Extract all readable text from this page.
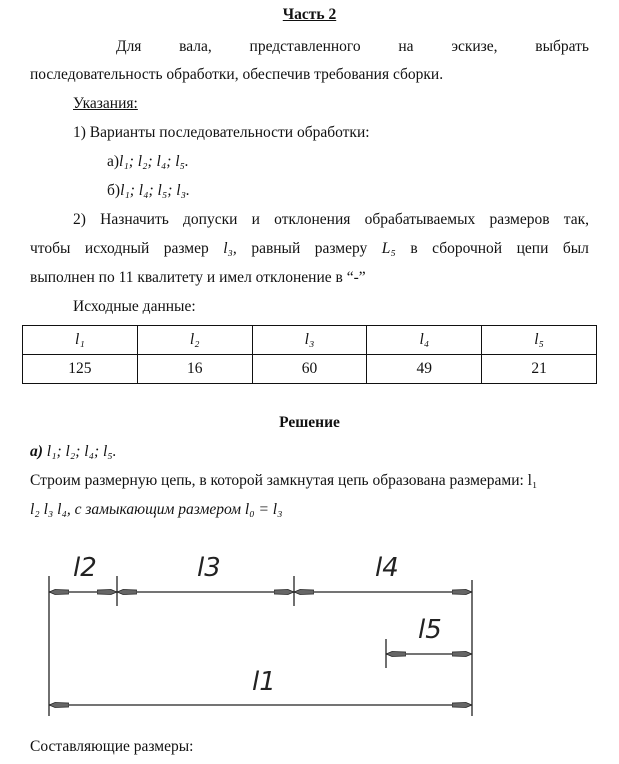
Часть 2
Для вала, представленного на эскизе, выбрать
последовательность обработки, обеспечив требования сборки.
Указания:
1) Варианты последовательности обработки:
а)l₁; l₂; l₄; l₅.
б)l₁; l₄; l₅; l₃.
2) Назначить допуски и отклонения обрабатываемых размеров так,
чтобы исходный размер l₃, равный размеру L₅ в сборочной цепи был
выполнен по 11 квалитету и имел отклонение в “-”
Исходные данные:
l₁	l₂	l₃	l₄	l₅
125	16	60	49	21
Решение
а) l₁; l₂; l₄; l₅.
Строим размерную цепь, в которой замкнутая цепь образована размерами: l₁
l₂ l₃ l₄, с замыкающим размером l₀ = l₃
l2	l3	l4
l5
l1
Составляющие размеры:
